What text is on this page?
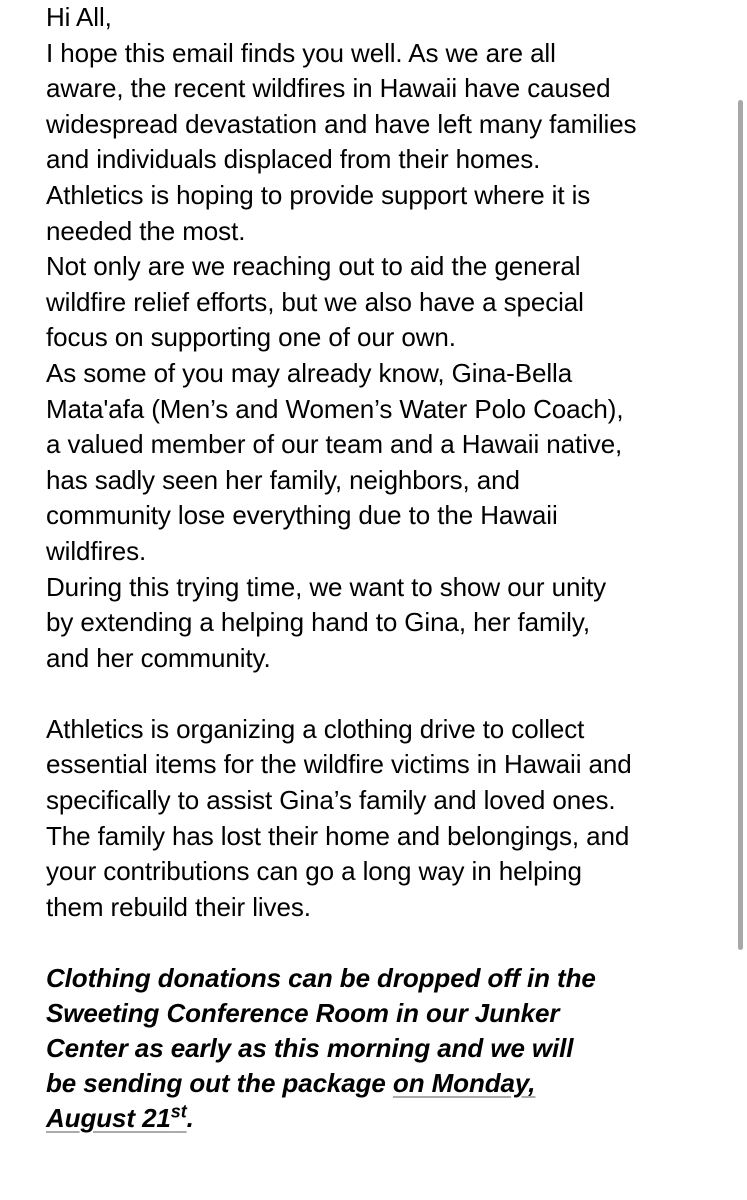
Hi All,
I hope this email finds you well. As we are all
aware, the recent wildfires in Hawaii have caused
widespread devastation and have left many families
and individuals displaced from their homes.
Athletics is hoping to provide support where it is
needed the most.
Not only are we reaching out to aid the general
wildfire relief efforts, but we also have a special
focus on supporting one of our own.
As some of you may already know, Gina-Bella
Mata'afa (Men’s and Women’s Water Polo Coach),
a valued member of our team and a Hawaii native,
has sadly seen her family, neighbors, and
community lose everything due to the Hawaii
wildfires.
During this trying time, we want to show our unity
by extending a helping hand to Gina, her family,
and her community.
Athletics is organizing a clothing drive to collect
essential items for the wildfire victims in Hawaii and
specifically to assist Gina’s family and loved ones.
The family has lost their home and belongings, and
your contributions can go a long way in helping
them rebuild their lives.
Clothing donations can be dropped off in the
Sweeting Conference Room in our Junker
Center as early as this morning and we will
be sending out the package on Monday,
August 21st.
